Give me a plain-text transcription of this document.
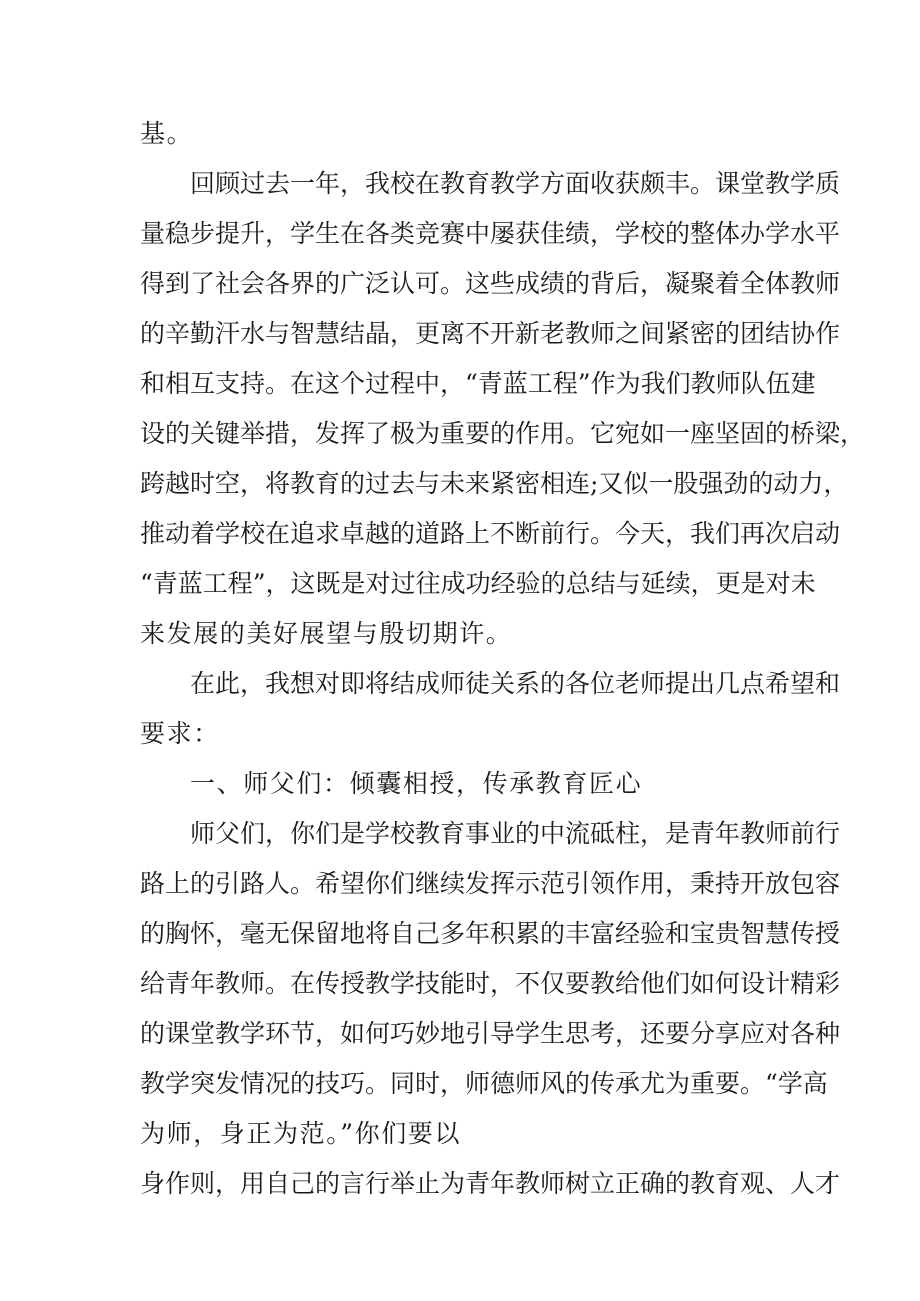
基。
回顾过去一年，我校在教育教学方面收获颇丰。课堂教学质
量稳步提升，学生在各类竞赛中屡获佳绩，学校的整体办学水平
得到了社会各界的广泛认可。这些成绩的背后，凝聚着全体教师
的辛勤汗水与智慧结晶，更离不开新老教师之间紧密的团结协作
和相互支持。在这个过程中，“青蓝工程”作为我们教师队伍建
设的关键举措，发挥了极为重要的作用。它宛如一座坚固的桥梁，
跨越时空，将教育的过去与未来紧密相连;又似一股强劲的动力，
推动着学校在追求卓越的道路上不断前行。今天，我们再次启动
“青蓝工程”，这既是对过往成功经验的总结与延续，更是对未
来发展的美好展望与殷切期许。
在此，我想对即将结成师徒关系的各位老师提出几点希望和
要求：
一、师父们：倾囊相授，传承教育匠心
师父们，你们是学校教育事业的中流砥柱，是青年教师前行
路上的引路人。希望你们继续发挥示范引领作用，秉持开放包容
的胸怀，毫无保留地将自己多年积累的丰富经验和宝贵智慧传授
给青年教师。在传授教学技能时，不仅要教给他们如何设计精彩
的课堂教学环节，如何巧妙地引导学生思考，还要分享应对各种
教学突发情况的技巧。同时，师德师风的传承尤为重要。“学高
为师，身正为范。”你们要以
身作则，用自己的言行举止为青年教师树立正确的教育观、人才
